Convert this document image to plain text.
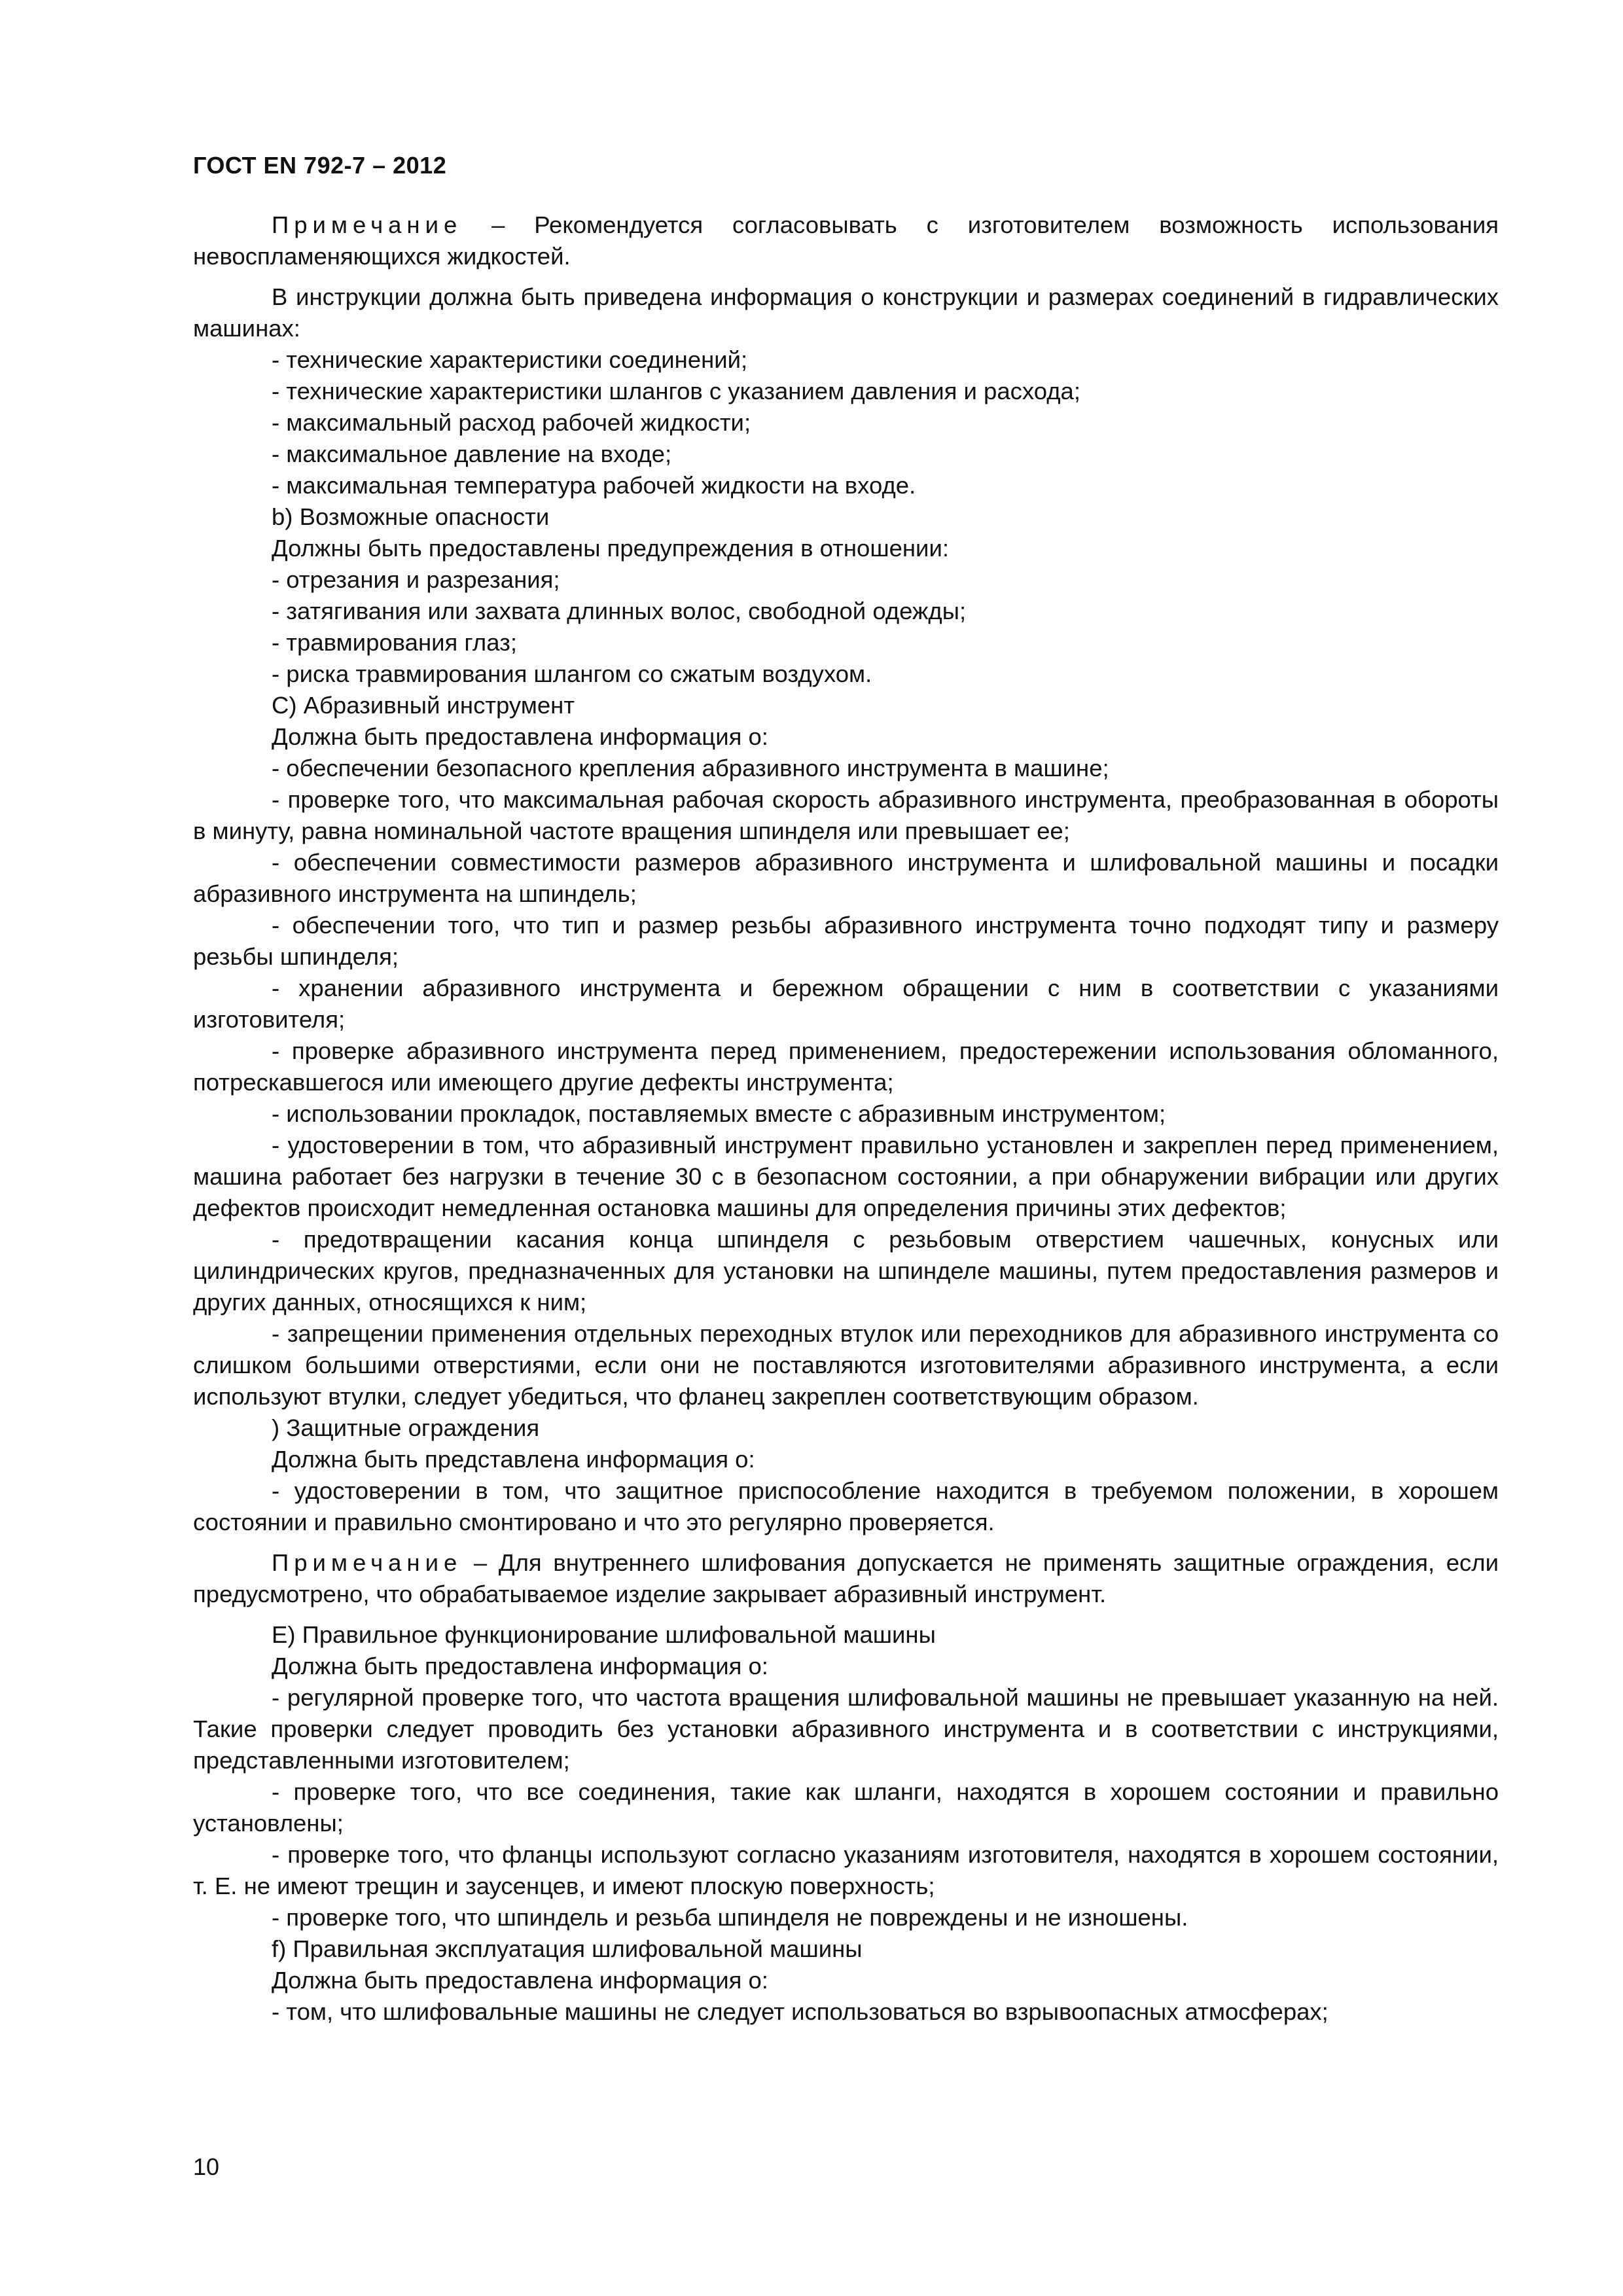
ГОСТ EN 792-7 – 2012

Примечание – Рекомендуется согласовывать с изготовителем возможность использования невоспламеняющихся жидкостей.

В инструкции должна быть приведена информация о конструкции и размерах соединений в гидравлических машинах:

- технические характеристики соединений;

- технические характеристики шлангов с указанием давления и расхода;

- максимальный расход рабочей жидкости;

- максимальное давление на входе;

- максимальная температура рабочей жидкости на входе.

b) Возможные опасности

Должны быть предоставлены предупреждения в отношении:

- отрезания и разрезания;

- затягивания или захвата длинных волос, свободной одежды;

- травмирования глаз;

- риска травмирования шлангом со сжатым воздухом.

С) Абразивный инструмент

Должна быть предоставлена информация о:

- обеспечении безопасного крепления абразивного инструмента в машине;

- проверке того, что максимальная рабочая скорость абразивного инструмента, преобразованная в обороты в минуту, равна номинальной частоте вращения шпинделя или превышает ее;

- обеспечении совместимости размеров абразивного инструмента и шлифовальной машины и посадки абразивного инструмента на шпиндель;

- обеспечении того, что тип и размер резьбы абразивного инструмента точно подходят типу и размеру резьбы шпинделя;

- хранении абразивного инструмента и бережном обращении с ним в соответствии с указаниями изготовителя;

- проверке абразивного инструмента перед применением, предостережении использования обломанного, потрескавшегося или имеющего другие дефекты инструмента;

- использовании прокладок, поставляемых вместе с абразивным инструментом;

- удостоверении в том, что абразивный инструмент правильно установлен и закреплен перед применением, машина работает без нагрузки в течение 30 с в безопасном состоянии, а при обнаружении вибрации или других дефектов происходит немедленная остановка машины для определения причины этих дефектов;

- предотвращении касания конца шпинделя с резьбовым отверстием чашечных, конусных или цилиндрических кругов, предназначенных для установки на шпинделе машины, путем предоставления размеров и других данных, относящихся к ним;

- запрещении применения отдельных переходных втулок или переходников для абразивного инструмента со слишком большими отверстиями, если они не поставляются изготовителями абразивного инструмента, а если используют втулки, следует убедиться, что фланец закреплен соответствующим образом.

) Защитные ограждения

Должна быть представлена информация о:

- удостоверении в том, что защитное приспособление находится в требуемом положении, в хорошем состоянии и правильно смонтировано и что это регулярно проверяется.

Примечание – Для внутреннего шлифования допускается не применять защитные ограждения, если предусмотрено, что обрабатываемое изделие закрывает абразивный инструмент.

Е) Правильное функционирование шлифовальной машины

Должна быть предоставлена информация о:

- регулярной проверке того, что частота вращения шлифовальной машины не превышает указанную на ней. Такие проверки следует проводить без установки абразивного инструмента и в соответствии с инструкциями, представленными изготовителем;

- проверке того, что все соединения, такие как шланги, находятся в хорошем состоянии и правильно установлены;

- проверке того, что фланцы используют согласно указаниям изготовителя, находятся в хорошем состоянии, т. Е. не имеют трещин и заусенцев, и имеют плоскую поверхность;

- проверке того, что шпиндель и резьба шпинделя не повреждены и не изношены.

f) Правильная эксплуатация шлифовальной машины

Должна быть предоставлена информация о:

- том, что шлифовальные машины не следует использоваться во взрывоопасных атмосферах;

10
